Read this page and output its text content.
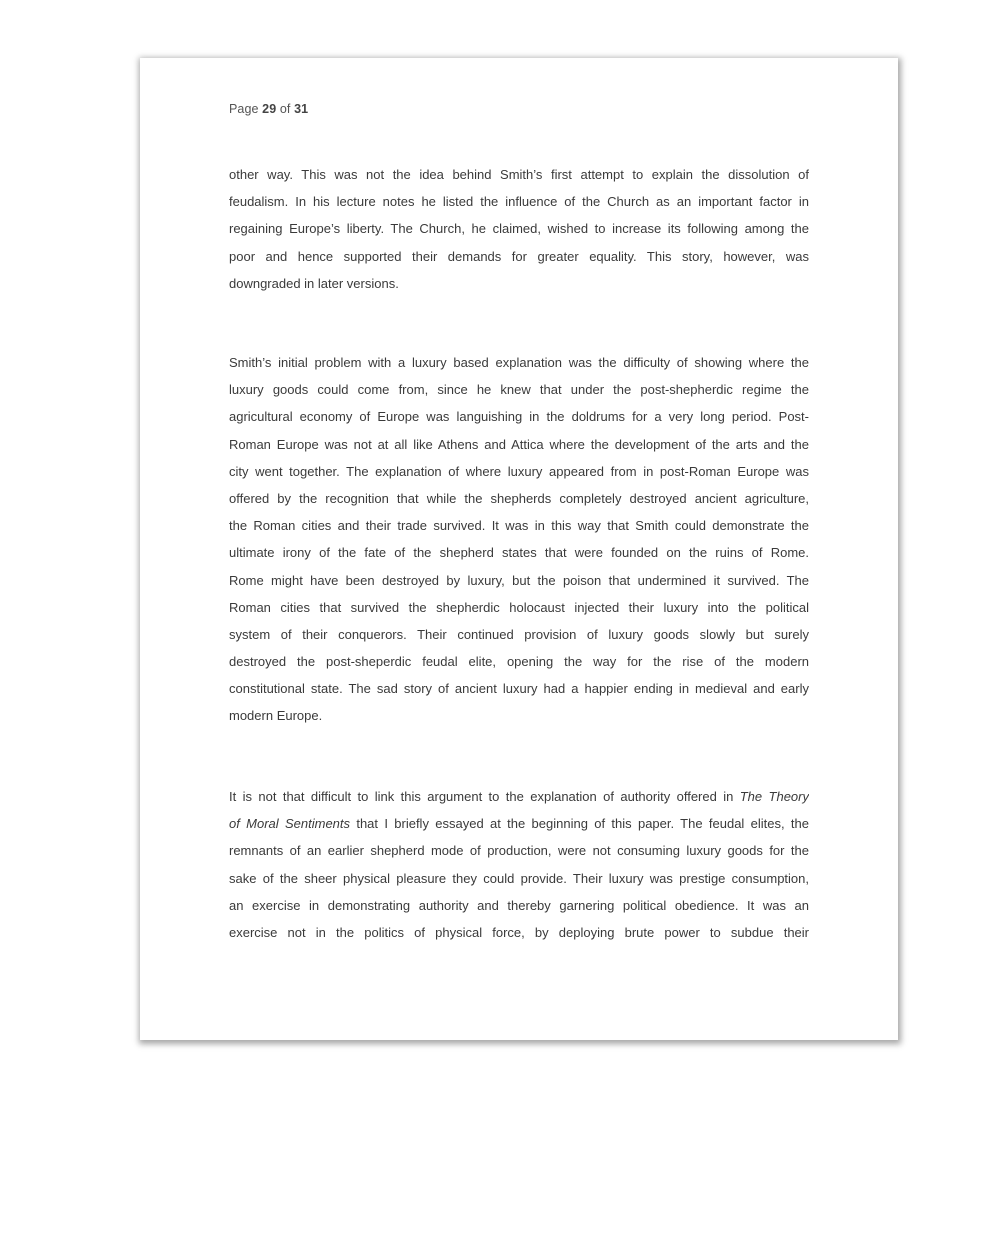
Page 29 of 31
other way. This was not the idea behind Smith’s first attempt to explain the dissolution of
feudalism. In his lecture notes he listed the influence of the Church as an important factor in
regaining Europe’s liberty. The Church, he claimed, wished to increase its following among the
poor and hence supported their demands for greater equality. This story, however, was
downgraded in later versions.
Smith’s initial problem with a luxury based explanation was the difficulty of showing where the
luxury goods could come from, since he knew that under the post-shepherdic regime the
agricultural economy of Europe was languishing in the doldrums for a very long period. Post-
Roman Europe was not at all like Athens and Attica where the development of the arts and the
city went together. The explanation of where luxury appeared from in post-Roman Europe was
offered by the recognition that while the shepherds completely destroyed ancient agriculture,
the Roman cities and their trade survived. It was in this way that Smith could demonstrate the
ultimate irony of the fate of the shepherd states that were founded on the ruins of Rome.
Rome might have been destroyed by luxury, but the poison that undermined it survived. The
Roman cities that survived the shepherdic holocaust injected their luxury into the political
system of their conquerors. Their continued provision of luxury goods slowly but surely
destroyed the post-sheperdic feudal elite, opening the way for the rise of the modern
constitutional state. The sad story of ancient luxury had a happier ending in medieval and early
modern Europe.
It is not that difficult to link this argument to the explanation of authority offered in The Theory
of Moral Sentiments that I briefly essayed at the beginning of this paper. The feudal elites, the
remnants of an earlier shepherd mode of production, were not consuming luxury goods for the
sake of the sheer physical pleasure they could provide. Their luxury was prestige consumption,
an exercise in demonstrating authority and thereby garnering political obedience. It was an
exercise not in the politics of physical force, by deploying brute power to subdue their
